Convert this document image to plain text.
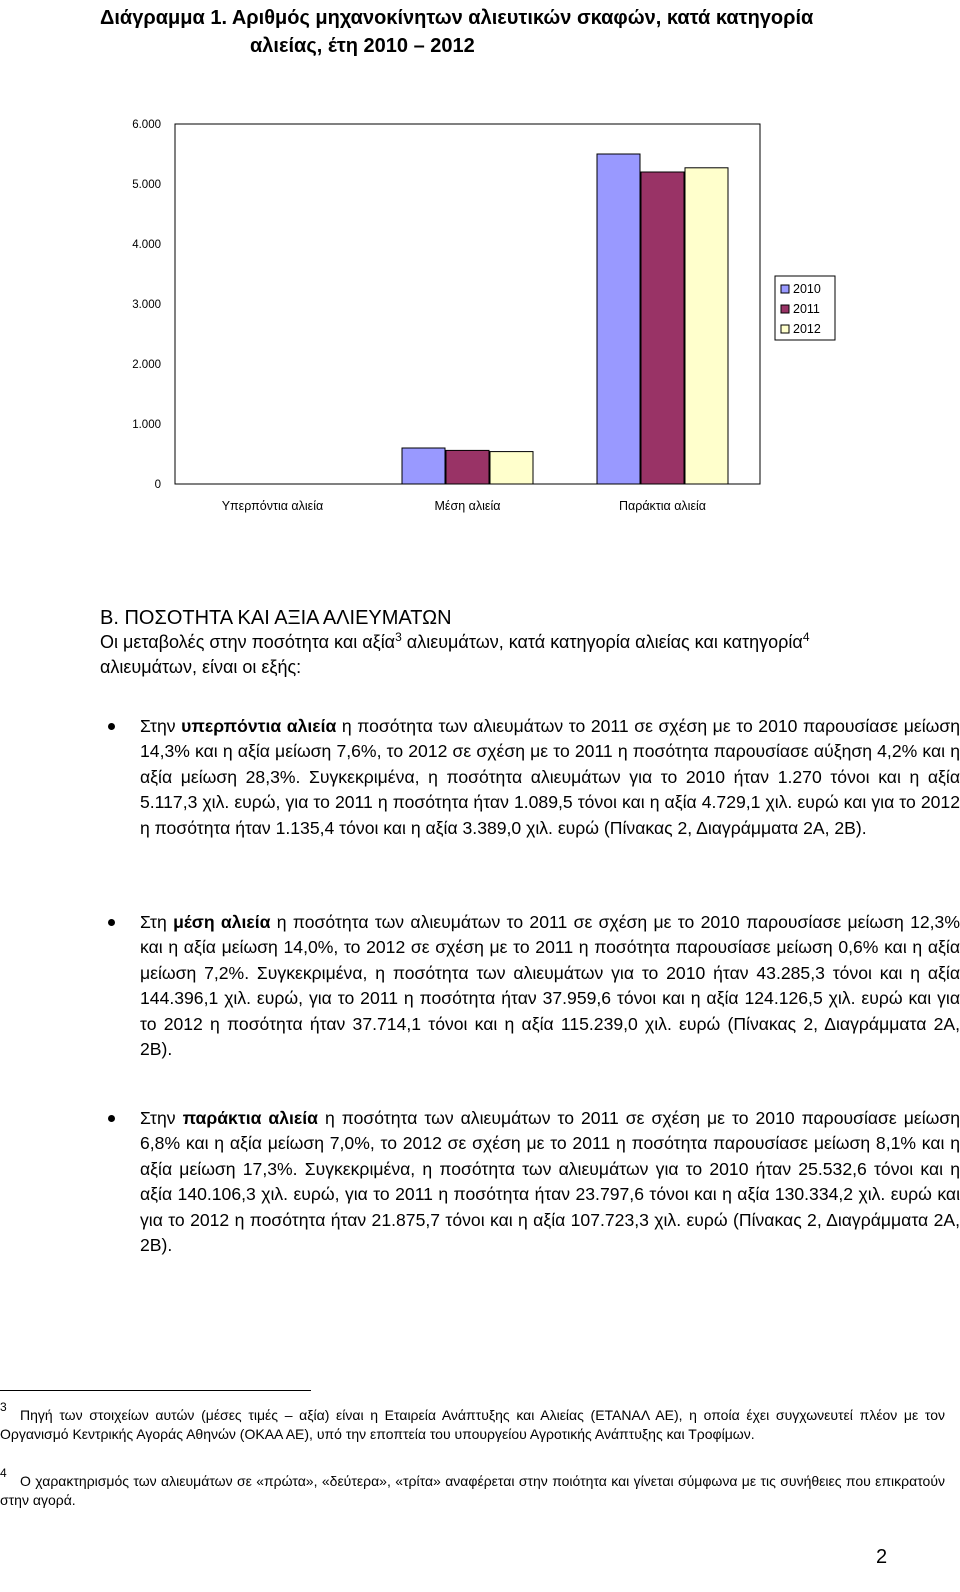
Διάγραμμα 1. Αριθμός μηχανοκίνητων αλιευτικών σκαφών, κατά κατηγορία
αλιείας, έτη 2010 – 2012
0
1.000
2.000
3.000
4.000
5.000
6.000
Υπερπόντια αλιεία	Μέση αλιεία	Παράκτια αλιεία
2010
2011
2012
Β. ΠΟΣΟΤΗΤΑ ΚΑΙ ΑΞΙΑ ΑΛΙΕΥΜΑΤΩΝ
Οι μεταβολές στην ποσότητα και αξία$^3$ αλιευμάτων, κατά κατηγορία αλιείας και κατηγορία$^4$
αλιευμάτων, είναι οι εξής:
Στην υπερπόντια αλιεία η ποσότητα των αλιευμάτων το 2011 σε σχέση με το 2010 παρουσίασε μείωση 14,3% και η αξία μείωση 7,6%, το 2012 σε σχέση με το 2011 η ποσότητα παρουσίασε αύξηση 4,2% και η αξία μείωση 28,3%. Συγκεκριμένα, η ποσότητα αλιευμάτων για το 2010 ήταν 1.270 τόνοι και η αξία 5.117,3 χιλ. ευρώ, για το 2011 η ποσότητα ήταν 1.089,5 τόνοι και η αξία 4.729,1 χιλ. ευρώ και για το 2012 η ποσότητα ήταν 1.135,4 τόνοι και η αξία 3.389,0 χιλ. ευρώ (Πίνακας 2, Διαγράμματα 2Α, 2Β).
Στη μέση αλιεία η ποσότητα των αλιευμάτων το 2011 σε σχέση με το 2010 παρουσίασε μείωση 12,3% και η αξία μείωση 14,0%, το 2012 σε σχέση με το 2011 η ποσότητα παρουσίασε μείωση 0,6% και η αξία μείωση 7,2%. Συγκεκριμένα, η ποσότητα των αλιευμάτων για το 2010 ήταν 43.285,3 τόνοι και η αξία 144.396,1 χιλ. ευρώ, για το 2011 η ποσότητα ήταν 37.959,6 τόνοι και η αξία 124.126,5 χιλ. ευρώ και για το 2012 η ποσότητα ήταν 37.714,1 τόνοι και η αξία 115.239,0 χιλ. ευρώ (Πίνακας 2, Διαγράμματα 2Α, 2Β).
Στην παράκτια αλιεία η ποσότητα των αλιευμάτων το 2011 σε σχέση με το 2010 παρουσίασε μείωση 6,8% και η αξία μείωση 7,0%, το 2012 σε σχέση με το 2011 η ποσότητα παρουσίασε μείωση 8,1% και η αξία μείωση 17,3%. Συγκεκριμένα, η ποσότητα των αλιευμάτων για το 2010 ήταν 25.532,6 τόνοι και η αξία 140.106,3 χιλ. ευρώ, για το 2011 η ποσότητα ήταν 23.797,6 τόνοι και η αξία 130.334,2 χιλ. ευρώ και για το 2012 η ποσότητα ήταν 21.875,7 τόνοι και η αξία 107.723,3 χιλ. ευρώ (Πίνακας 2, Διαγράμματα 2Α, 2Β).
3 Πηγή των στοιχείων αυτών (μέσες τιμές – αξία) είναι η Εταιρεία Ανάπτυξης και Αλιείας (ΕΤΑΝΑΛ ΑΕ), η οποία έχει συγχωνευτεί πλέον με τον Οργανισμό Κεντρικής Αγοράς Αθηνών (ΟΚΑΑ ΑΕ), υπό την εποπτεία του υπουργείου Αγροτικής Ανάπτυξης και Τροφίμων.
4 Ο χαρακτηρισμός των αλιευμάτων σε «πρώτα», «δεύτερα», «τρίτα» αναφέρεται στην ποιότητα και γίνεται σύμφωνα με τις συνήθειες που επικρατούν στην αγορά.
2
